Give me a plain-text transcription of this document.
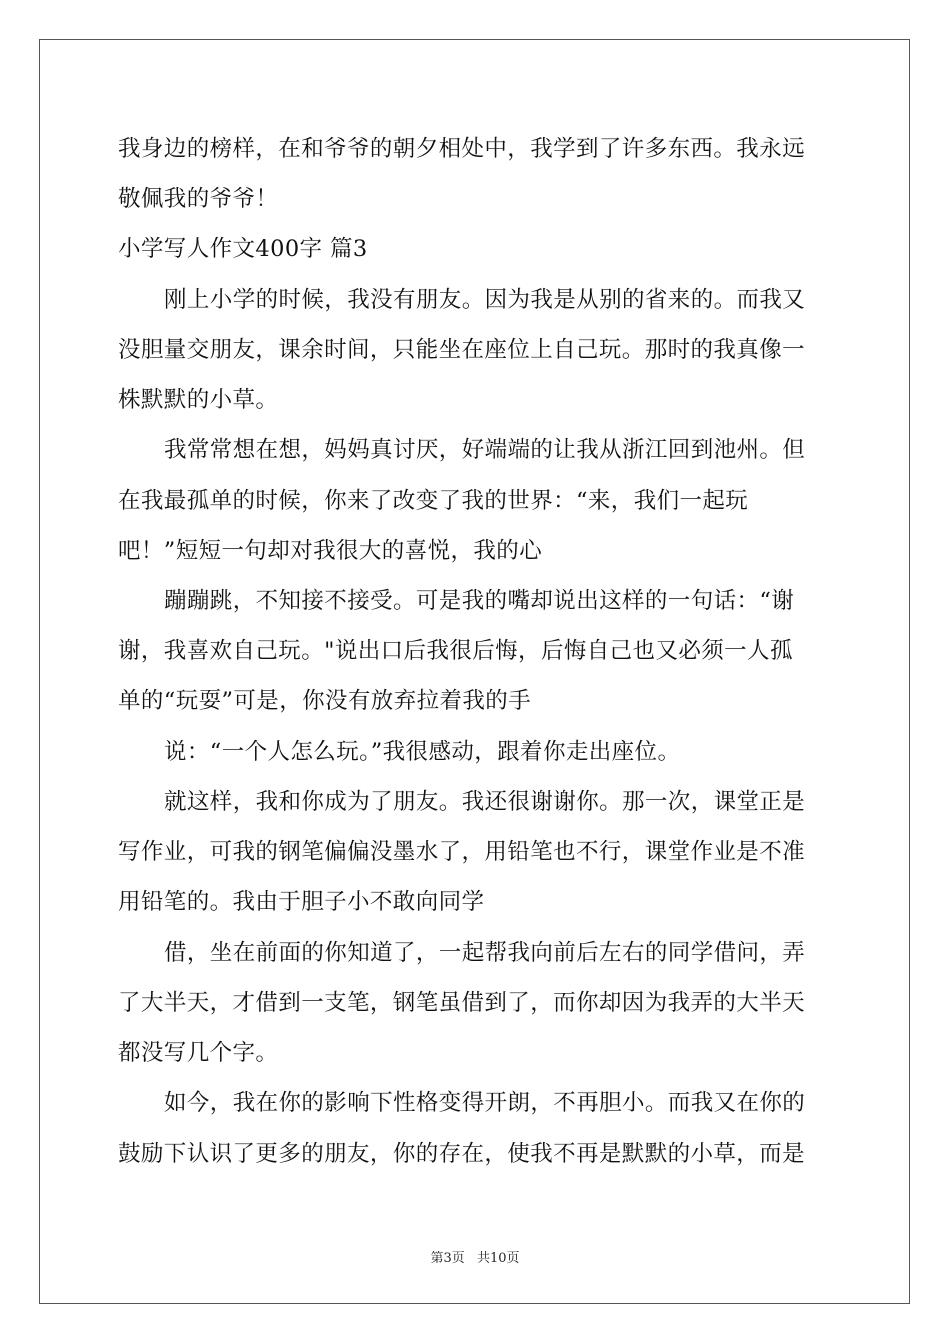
我身边的榜样，在和爷爷的朝夕相处中，我学到了许多东西。我永远
敬佩我的爷爷！
小学写人作文400字 篇3
刚上小学的时候，我没有朋友。因为我是从别的省来的。而我又
没胆量交朋友，课余时间，只能坐在座位上自己玩。那时的我真像一
株默默的小草。
我常常想在想，妈妈真讨厌，好端端的让我从浙江回到池州。但
在我最孤单的时候，你来了改变了我的世界：“来，我们一起玩
吧！”短短一句却对我很大的喜悦，我的心
蹦蹦跳，不知接不接受。可是我的嘴却说出这样的一句话：“谢
谢，我喜欢自己玩。"说出口后我很后悔，后悔自己也又必须一人孤
单的“玩耍”可是，你没有放弃拉着我的手
说：“一个人怎么玩。”我很感动，跟着你走出座位。
就这样，我和你成为了朋友。我还很谢谢你。那一次，课堂正是
写作业，可我的钢笔偏偏没墨水了，用铅笔也不行，课堂作业是不准
用铅笔的。我由于胆子小不敢向同学
借，坐在前面的你知道了，一起帮我向前后左右的同学借问，弄
了大半天，才借到一支笔，钢笔虽借到了，而你却因为我弄的大半天
都没写几个字。
如今，我在你的影响下性格变得开朗，不再胆小。而我又在你的
鼓励下认识了更多的朋友，你的存在，使我不再是默默的小草，而是
第3页 共10页
